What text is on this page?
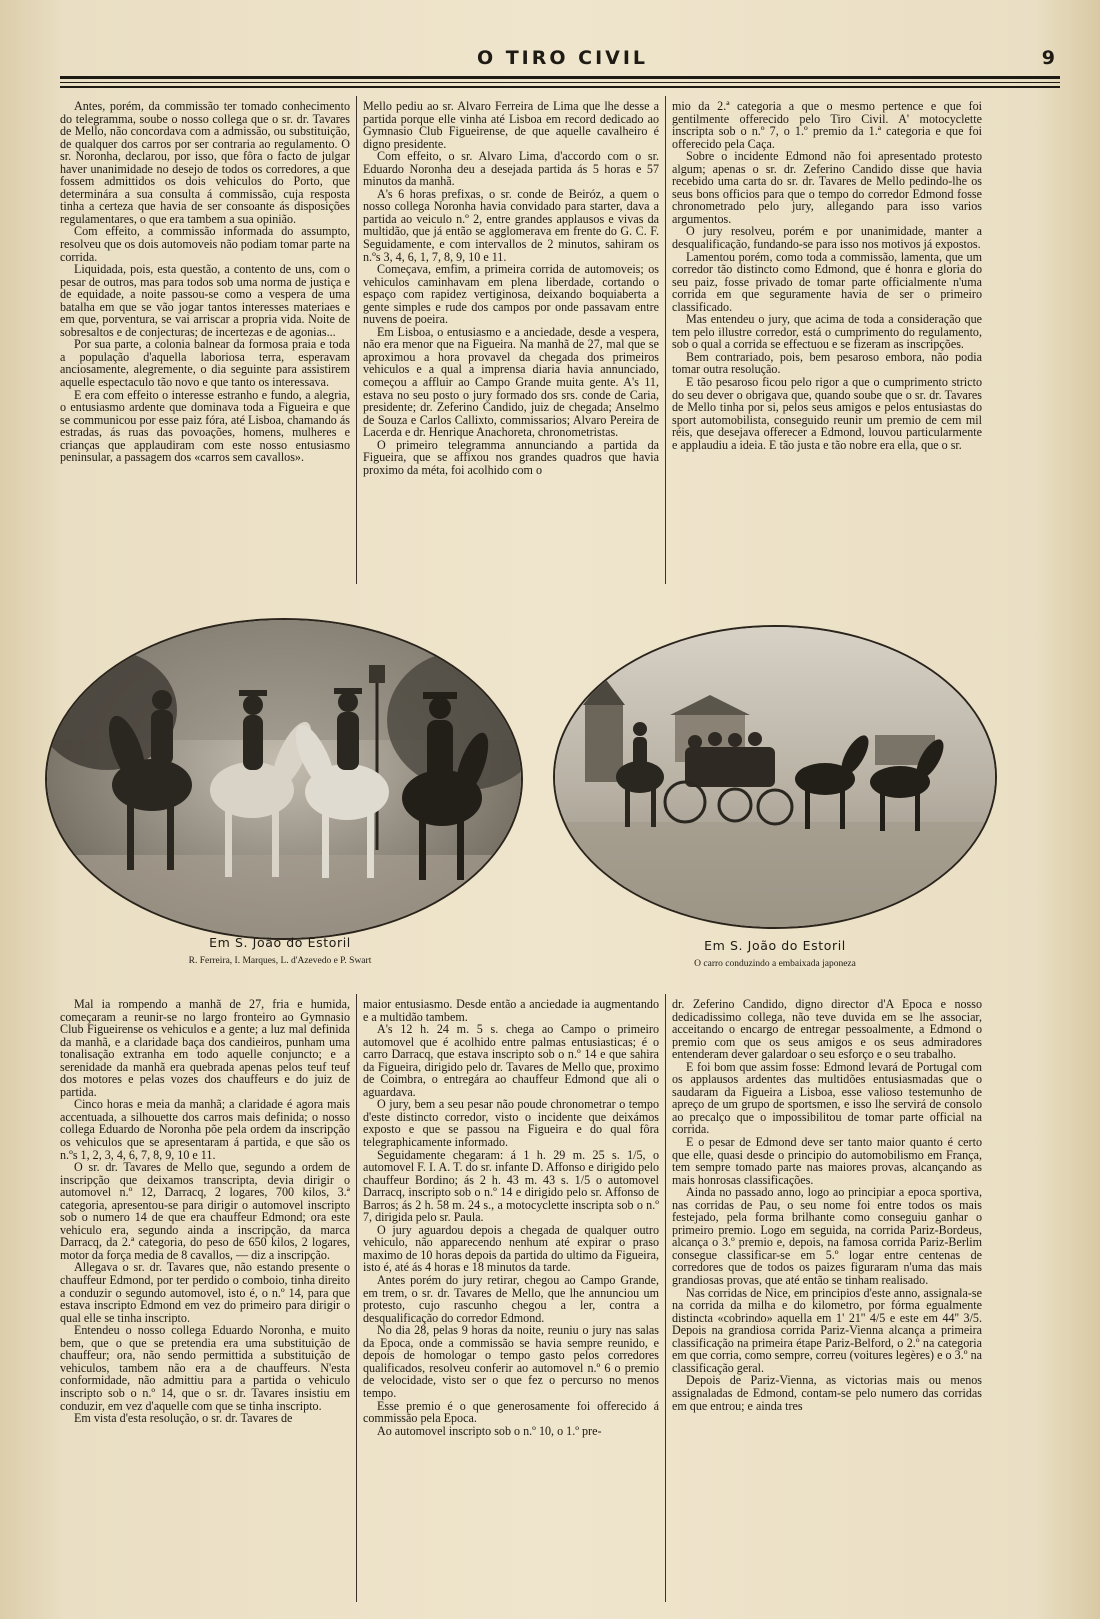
O TIRO CIVIL	9

Antes, porém, da commissão ter tomado conhecimento do telegramma, soube o nosso collega que o sr. dr. Tavares de Mello, não concordava com a admissão, ou substituição, de qualquer dos carros por ser contraria ao regulamento. O sr. Noronha, declarou, por isso, que fôra o facto de julgar haver unanimidade no desejo de todos os corredores, a que fossem admittidos os dois vehiculos do Porto, que determinára a sua consulta á commissão, cuja resposta tinha a certeza que havia de ser consoante ás disposições regulamentares, o que era tambem a sua opinião.

Com effeito, a commissão informada do assumpto, resolveu que os dois automoveis não podiam tomar parte na corrida.

Liquidada, pois, esta questão, a contento de uns, com o pesar de outros, mas para todos sob uma norma de justiça e de equidade, a noite passou-se como a vespera de uma batalha em que se vão jogar tantos interesses materiaes e em que, porventura, se vai arriscar a propria vida. Noite de sobresaltos e de conjecturas; de incertezas e de agonias...

Por sua parte, a colonia balnear da formosa praia e toda a população d'aquella laboriosa terra, esperavam anciosamente, alegremente, o dia seguinte para assistirem aquelle espectaculo tão novo e que tanto os interessava.

E era com effeito o interesse estranho e fundo, a alegria, o entusiasmo ardente que dominava toda a Figueira e que se communicou por esse paiz fóra, até Lisboa, chamando ás estradas, ás ruas das povoações, homens, mulheres e crianças que applaudiram com este nosso entusiasmo peninsular, a passagem dos «carros sem cavallos».

Mello pediu ao sr. Alvaro Ferreira de Lima que lhe desse a partida porque elle vinha até Lisboa em record dedicado ao Gymnasio Club Figueirense, de que aquelle cavalheiro é digno presidente.

Com effeito, o sr. Alvaro Lima, d'accordo com o sr. Eduardo Noronha deu a desejada partida ás 5 horas e 57 minutos da manhã.

A's 6 horas prefixas, o sr. conde de Beiróz, a quem o nosso collega Noronha havia convidado para starter, dava a partida ao veiculo n.º 2, entre grandes applausos e vivas da multidão, que já então se agglomerava em frente do G. C. F. Seguidamente, e com intervallos de 2 minutos, sahiram os n.ºs 3, 4, 6, 1, 7, 8, 9, 10 e 11.

Começava, emfim, a primeira corrida de automoveis; os vehiculos caminhavam em plena liberdade, cortando o espaço com rapidez vertiginosa, deixando boquiaberta a gente simples e rude dos campos por onde passavam entre nuvens de poeira.

Em Lisboa, o entusiasmo e a anciedade, desde a vespera, não era menor que na Figueira. Na manhã de 27, mal que se aproximou a hora provavel da chegada dos primeiros vehiculos e a qual a imprensa diaria havia annunciado, começou a affluir ao Campo Grande muita gente. A's 11, estava no seu posto o jury formado dos srs. conde de Caria, presidente; dr. Zeferino Candido, juiz de chegada; Anselmo de Souza e Carlos Callixto, commissarios; Alvaro Pereira de Lacerda e dr. Henrique Anachoreta, chronometristas.

O primeiro telegramma annunciando a partida da Figueira, que se affixou nos grandes quadros que havia proximo da méta, foi acolhido com o

mio da 2.ª categoria a que o mesmo pertence e que foi gentilmente offerecido pelo Tiro Civil. A' motocyclette inscripta sob o n.º 7, o 1.º premio da 1.ª categoria e que foi offerecido pela Caça.

Sobre o incidente Edmond não foi apresentado protesto algum; apenas o sr. dr. Zeferino Candido disse que havia recebido uma carta do sr. dr. Tavares de Mello pedindo-lhe os seus bons officios para que o tempo do corredor Edmond fosse chronometrado pelo jury, allegando para isso varios argumentos.

O jury resolveu, porém e por unanimidade, manter a desqualificação, fundando-se para isso nos motivos já expostos.

Lamentou porém, como toda a commissão, lamenta, que um corredor tão distincto como Edmond, que é honra e gloria do seu paiz, fosse privado de tomar parte officialmente n'uma corrida em que seguramente havia de ser o primeiro classificado.

Mas entendeu o jury, que acima de toda a consideração que tem pelo illustre corredor, está o cumprimento do regulamento, sob o qual a corrida se effectuou e se fizeram as inscripções.

Bem contrariado, pois, bem pesaroso embora, não podia tomar outra resolução.

E tão pesaroso ficou pelo rigor a que o cumprimento stricto do seu dever o obrigava que, quando soube que o sr. dr. Tavares de Mello tinha por si, pelos seus amigos e pelos entusiastas do sport automobilista, conseguido reunir um premio de cem mil réis, que desejava offerecer a Edmond, louvou particularmente e applaudiu a ideia. E tão justa e tão nobre era ella, que o sr.

Em S. João do Estoril
R. Ferreira, I. Marques, L. d'Azevedo e P. Swart
Em S. João do Estoril
O carro conduzindo a embaixada japoneza

Mal ia rompendo a manhã de 27, fria e humida, começaram a reunir-se no largo fronteiro ao Gymnasio Club Figueirense os vehiculos e a gente; a luz mal definida da manhã, e a claridade baça dos candieiros, punham uma tonalisação extranha em todo aquelle conjuncto; e a serenidade da manhã era quebrada apenas pelos teuf teuf dos motores e pelas vozes dos chauffeurs e do juiz de partida.

Cinco horas e meia da manhã; a claridade é agora mais accentuada, a silhouette dos carros mais definida; o nosso collega Eduardo de Noronha põe pela ordem da inscripção os vehiculos que se apresentaram á partida, e que são os n.ºs 1, 2, 3, 4, 6, 7, 8, 9, 10 e 11.

O sr. dr. Tavares de Mello que, segundo a ordem de inscripção que deixamos transcripta, devia dirigir o automovel n.º 12, Darracq, 2 logares, 700 kilos, 3.ª categoria, apresentou-se para dirigir o automovel inscripto sob o numero 14 de que era chauffeur Edmond; ora este vehiculo era, segundo ainda a inscripção, da marca Darracq, da 2.ª categoria, do peso de 650 kilos, 2 logares, motor da força media de 8 cavallos, — diz a inscripção.

Allegava o sr. dr. Tavares que, não estando presente o chauffeur Edmond, por ter perdido o comboio, tinha direito a conduzir o segundo automovel, isto é, o n.º 14, para que estava inscripto Edmond em vez do primeiro para dirigir o qual elle se tinha inscripto.

Entendeu o nosso collega Eduardo Noronha, e muito bem, que o que se pretendia era uma substituição de chauffeur; ora, não sendo permittida a substituição de vehiculos, tambem não era a de chauffeurs. N'esta conformidade, não admittiu para a partida o vehiculo inscripto sob o n.º 14, que o sr. dr. Tavares insistiu em conduzir, em vez d'aquelle com que se tinha inscripto.

Em vista d'esta resolução, o sr. dr. Tavares de

maior entusiasmo. Desde então a anciedade ia augmentando e a multidão tambem.

A's 12 h. 24 m. 5 s. chega ao Campo o primeiro automovel que é acolhido entre palmas entusiasticas; é o carro Darracq, que estava inscripto sob o n.º 14 e que sahira da Figueira, dirigido pelo dr. Tavares de Mello que, proximo de Coimbra, o entregára ao chauffeur Edmond que ali o aguardava.

O jury, bem a seu pesar não poude chronometrar o tempo d'este distincto corredor, visto o incidente que deixámos exposto e que se passou na Figueira e do qual fôra telegraphicamente informado.

Seguidamente chegaram: á 1 h. 29 m. 25 s. 1/5, o automovel F. I. A. T. do sr. infante D. Affonso e dirigido pelo chauffeur Bordino; ás 2 h. 43 m. 43 s. 1/5 o automovel Darracq, inscripto sob o n.º 14 e dirigido pelo sr. Affonso de Barros; ás 2 h. 58 m. 24 s., a motocyclette inscripta sob o n.º 7, dirigida pelo sr. Paula.

O jury aguardou depois a chegada de qualquer outro vehiculo, não apparecendo nenhum até expirar o praso maximo de 10 horas depois da partida do ultimo da Figueira, isto é, até ás 4 horas e 18 minutos da tarde.

Antes porém do jury retirar, chegou ao Campo Grande, em trem, o sr. dr. Tavares de Mello, que lhe annunciou um protesto, cujo rascunho chegou a ler, contra a desqualificação do corredor Edmond.

No dia 28, pelas 9 horas da noite, reuniu o jury nas salas da Epoca, onde a commissão se havia sempre reunido, e depois de homologar o tempo gasto pelos corredores qualificados, resolveu conferir ao automovel n.º 6 o premio de velocidade, visto ser o que fez o percurso no menos tempo.

Esse premio é o que generosamente foi offerecido á commissão pela Epoca.

Ao automovel inscripto sob o n.º 10, o 1.º pre-

dr. Zeferino Candido, digno director d'A Epoca e nosso dedicadissimo collega, não teve duvida em se lhe associar, acceitando o encargo de entregar pessoalmente, a Edmond o premio com que os seus amigos e os seus admiradores entenderam dever galardoar o seu esforço e o seu trabalho.

E foi bom que assim fosse: Edmond levará de Portugal com os applausos ardentes das multidões entusiasmadas que o saudaram da Figueira a Lisboa, esse valioso testemunho de apreço de um grupo de sportsmen, e isso lhe servirá de consolo ao precalço que o impossibilitou de tomar parte official na corrida.

E o pesar de Edmond deve ser tanto maior quanto é certo que elle, quasi desde o principio do automobilismo em França, tem sempre tomado parte nas maiores provas, alcançando as mais honrosas classificações.

Ainda no passado anno, logo ao principiar a epoca sportiva, nas corridas de Pau, o seu nome foi entre todos os mais festejado, pela forma brilhante como conseguiu ganhar o primeiro premio. Logo em seguida, na corrida Pariz-Bordeus, alcança o 3.º premio e, depois, na famosa corrida Pariz-Berlim consegue classificar-se em 5.º logar entre centenas de corredores que de todos os paizes figuraram n'uma das mais grandiosas provas, que até então se tinham realisado.

Nas corridas de Nice, em principios d'este anno, assignala-se na corrida da milha e do kilometro, por fórma egualmente distincta «cobrindo» aquella em 1' 21'' 4/5 e este em 44'' 3/5. Depois na grandiosa corrida Pariz-Vienna alcança a primeira classificação na primeira étape Pariz-Belford, o 2.º na categoria em que corria, como sempre, correu (voitures legères) e o 3.º na classificação geral.

Depois de Pariz-Vienna, as victorias mais ou menos assignaladas de Edmond, contam-se pelo numero das corridas em que entrou; e ainda tres
